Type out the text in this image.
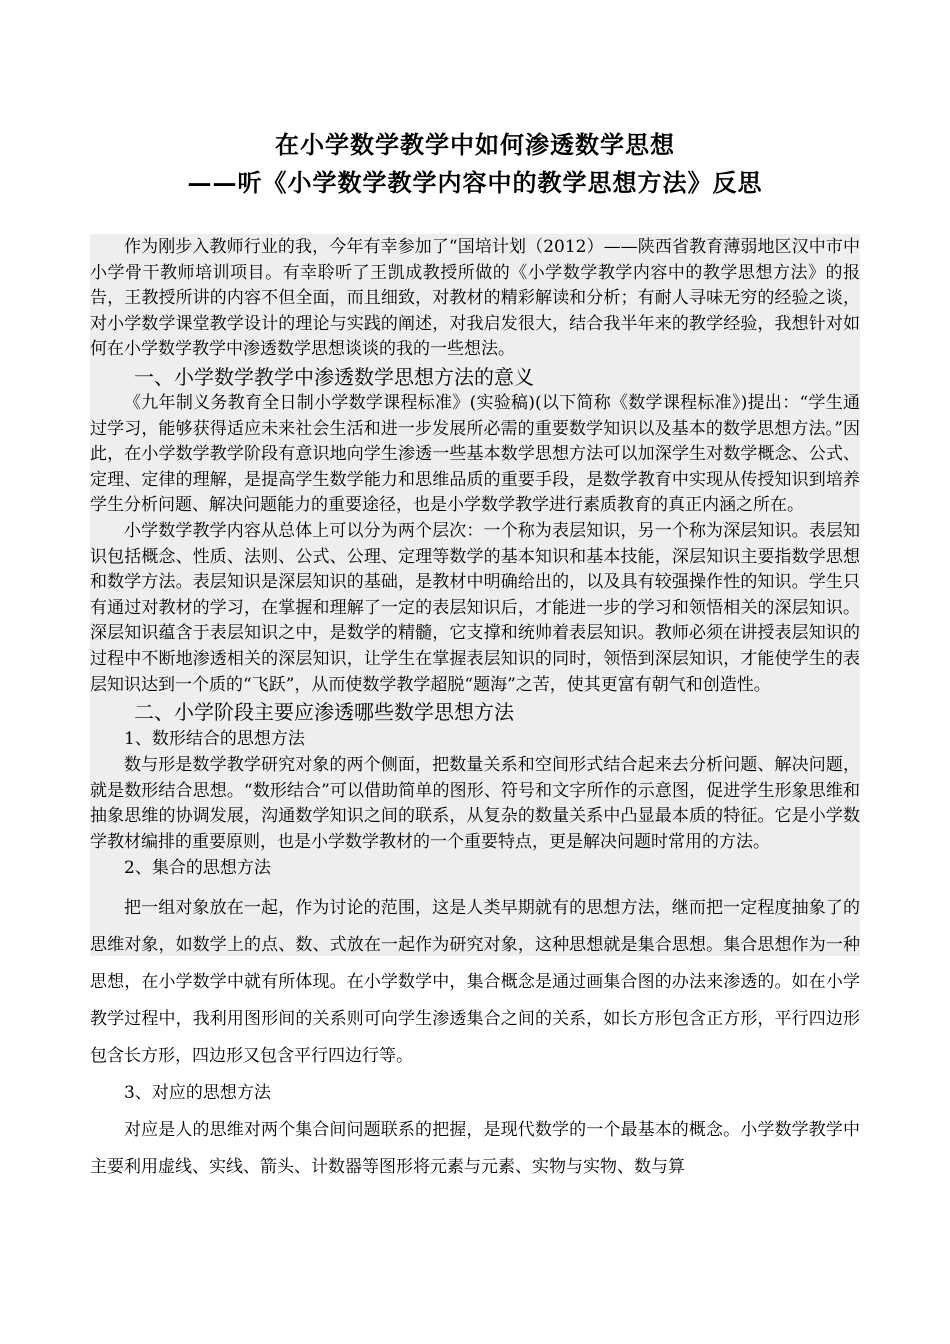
在小学数学教学中如何渗透数学思想
——听《小学数学教学内容中的教学思想方法》反思

作为刚步入教师行业的我，今年有幸参加了“国培计划（2012）——陕西省教育薄弱地区汉中市中小学骨干教师培训项目。有幸聆听了王凯成教授所做的《小学数学教学内容中的教学思想方法》的报告，王教授所讲的内容不但全面，而且细致，对教材的精彩解读和分析；有耐人寻味无穷的经验之谈，对小学数学课堂教学设计的理论与实践的阐述，对我启发很大，结合我半年来的教学经验，我想针对如何在小学数学教学中渗透数学思想谈谈的我的一些想法。

一、小学数学教学中渗透数学思想方法的意义

《九年制义务教育全日制小学数学课程标准》(实验稿)(以下简称《数学课程标准》)提出：“学生通过学习，能够获得适应未来社会生活和进一步发展所必需的重要数学知识以及基本的数学思想方法。”因此，在小学数学教学阶段有意识地向学生渗透一些基本数学思想方法可以加深学生对数学概念、公式、定理、定律的理解，是提高学生数学能力和思维品质的重要手段，是数学教育中实现从传授知识到培养学生分析问题、解决问题能力的重要途径，也是小学数学教学进行素质教育的真正内涵之所在。

小学数学教学内容从总体上可以分为两个层次：一个称为表层知识，另一个称为深层知识。表层知识包括概念、性质、法则、公式、公理、定理等数学的基本知识和基本技能，深层知识主要指数学思想和数学方法。表层知识是深层知识的基础，是教材中明确给出的，以及具有较强操作性的知识。学生只有通过对教材的学习，在掌握和理解了一定的表层知识后，才能进一步的学习和领悟相关的深层知识。深层知识蕴含于表层知识之中，是数学的精髓，它支撑和统帅着表层知识。教师必须在讲授表层知识的过程中不断地渗透相关的深层知识，让学生在掌握表层知识的同时，领悟到深层知识，才能使学生的表层知识达到一个质的“飞跃”，从而使数学教学超脱“题海”之苦，使其更富有朝气和创造性。

二、小学阶段主要应渗透哪些数学思想方法

1、数形结合的思想方法

数与形是数学教学研究对象的两个侧面，把数量关系和空间形式结合起来去分析问题、解决问题，就是数形结合思想。“数形结合”可以借助简单的图形、符号和文字所作的示意图，促进学生形象思维和抽象思维的协调发展，沟通数学知识之间的联系，从复杂的数量关系中凸显最本质的特征。它是小学数学教材编排的重要原则，也是小学数学教材的一个重要特点，更是解决问题时常用的方法。

2、集合的思想方法

把一组对象放在一起，作为讨论的范围，这是人类早期就有的思想方法，继而把一定程度抽象了的思维对象，如数学上的点、数、式放在一起作为研究对象，这种思想就是集合思想。集合思想作为一种思想，在小学数学中就有所体现。在小学数学中，集合概念是通过画集合图的办法来渗透的。如在小学教学过程中，我利用图形间的关系则可向学生渗透集合之间的关系，如长方形包含正方形，平行四边形包含长方形，四边形又包含平行四边行等。

3、对应的思想方法

对应是人的思维对两个集合间问题联系的把握，是现代数学的一个最基本的概念。小学数学教学中主要利用虚线、实线、箭头、计数器等图形将元素与元素、实物与实物、数与算
